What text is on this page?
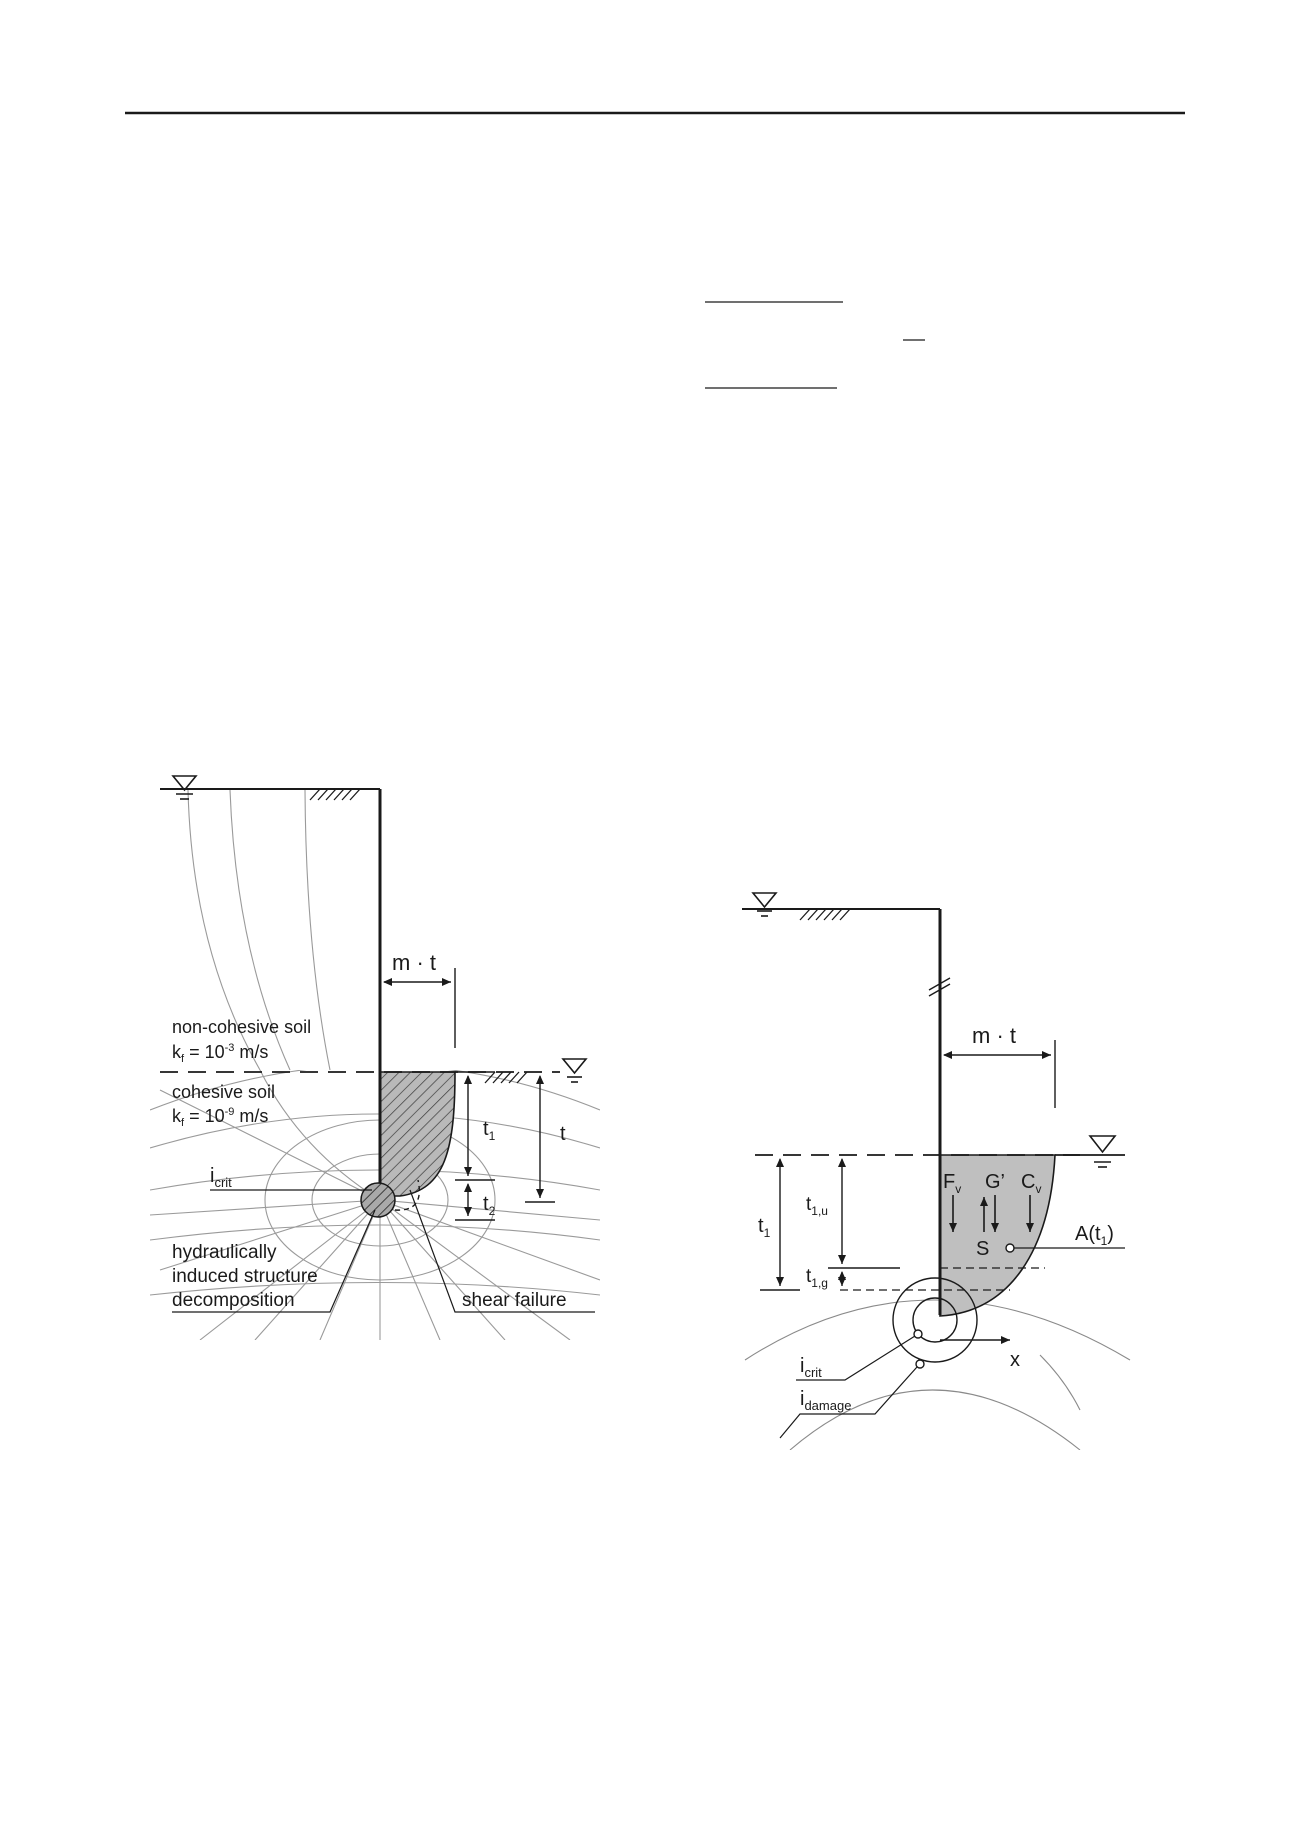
m · t
non-cohesive soil
$k_f = 10^{-3}$ m/s
cohesive soil
$k_f = 10^{-9}$ m/s
$t_1$
$t_2$
t
$i_{crit}$
hydraulically
induced structure
decomposition	shear failure
x
m · t
$t_1$
$t_{1,u}$
$t_{1,g}$
$F_v$ G’
S
$C_v$
$A(t_1)$
$i_{crit}$
$i_{damage}$
